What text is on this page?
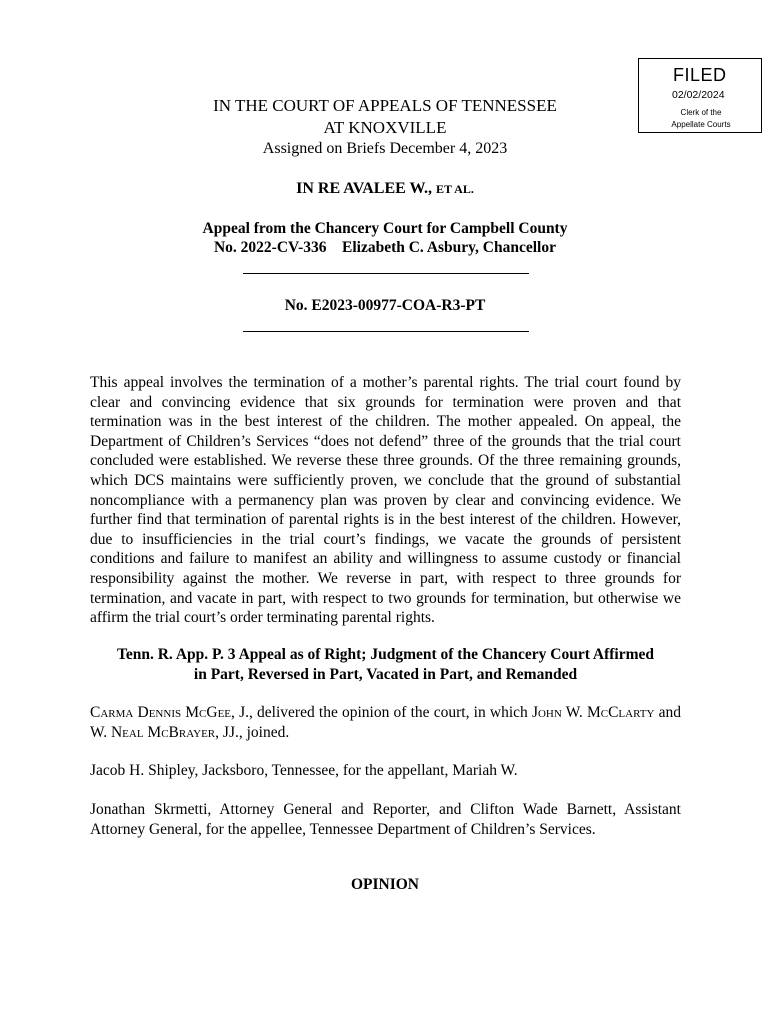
FILED
02/02/2024
Clerk of the
Appellate Courts
IN THE COURT OF APPEALS OF TENNESSEE
AT KNOXVILLE
Assigned on Briefs December 4, 2023
IN RE AVALEE W., ET AL.
Appeal from the Chancery Court for Campbell County
No. 2022-CV-336    Elizabeth C. Asbury, Chancellor
No. E2023-00977-COA-R3-PT
This appeal involves the termination of a mother’s parental rights. The trial court found by clear and convincing evidence that six grounds for termination were proven and that termination was in the best interest of the children. The mother appealed. On appeal, the Department of Children’s Services “does not defend” three of the grounds that the trial court concluded were established. We reverse these three grounds. Of the three remaining grounds, which DCS maintains were sufficiently proven, we conclude that the ground of substantial noncompliance with a permanency plan was proven by clear and convincing evidence. We further find that termination of parental rights is in the best interest of the children. However, due to insufficiencies in the trial court’s findings, we vacate the grounds of persistent conditions and failure to manifest an ability and willingness to assume custody or financial responsibility against the mother. We reverse in part, with respect to three grounds for termination, and vacate in part, with respect to two grounds for termination, but otherwise we affirm the trial court’s order terminating parental rights.
Tenn. R. App. P. 3 Appeal as of Right; Judgment of the Chancery Court Affirmed
in Part, Reversed in Part, Vacated in Part, and Remanded
Carma Dennis McGee, J., delivered the opinion of the court, in which John W. McClarty and W. Neal McBrayer, JJ., joined.
Jacob H. Shipley, Jacksboro, Tennessee, for the appellant, Mariah W.
Jonathan Skrmetti, Attorney General and Reporter, and Clifton Wade Barnett, Assistant Attorney General, for the appellee, Tennessee Department of Children’s Services.
OPINION
